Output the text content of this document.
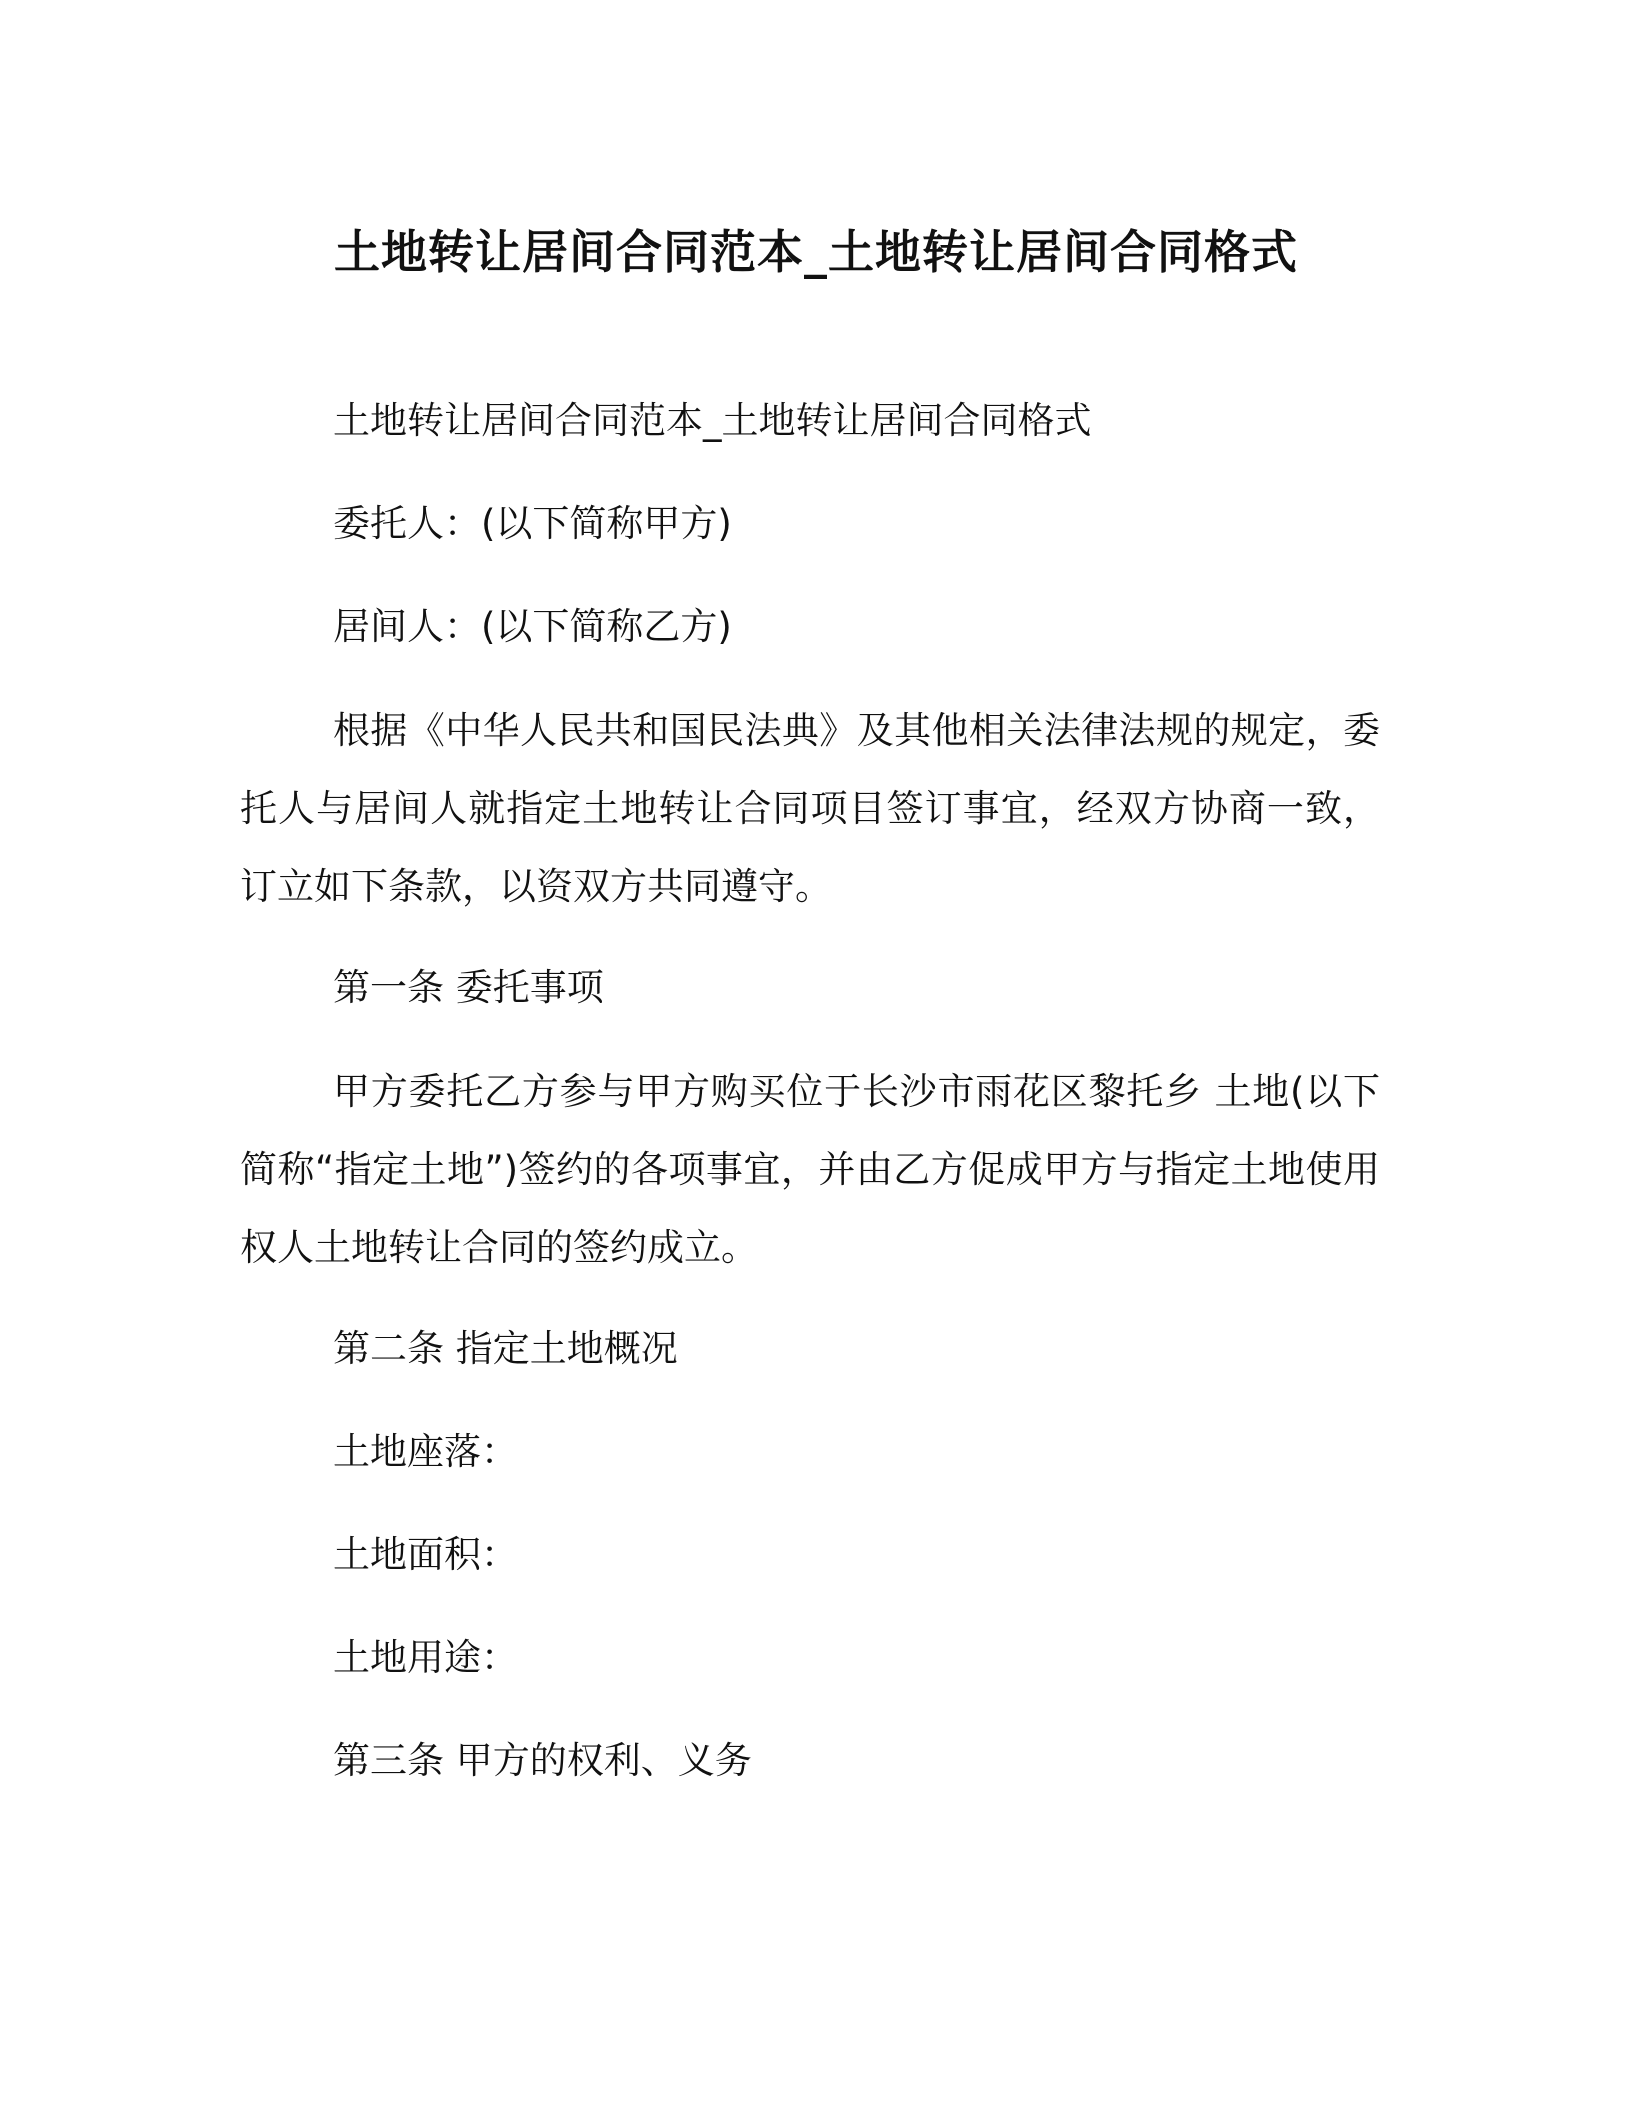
土地转让居间合同范本_土地转让居间合同格式
土地转让居间合同范本_土地转让居间合同格式
委托人：(以下简称甲方)
居间人：(以下简称乙方)

根据《中华人民共和国民法典》及其他相关法律法规的规定，委托人与居间人就指定土地转让合同项目签订事宜，经双方协商一致，订立如下条款，以资双方共同遵守。

第一条 委托事项

甲方委托乙方参与甲方购买位于长沙市雨花区黎托乡 土地(以下简称“指定土地”)签约的各项事宜，并由乙方促成甲方与指定土地使用权人土地转让合同的签约成立。

第二条 指定土地概况
土地座落：
土地面积：
土地用途：
第三条 甲方的权利、义务
